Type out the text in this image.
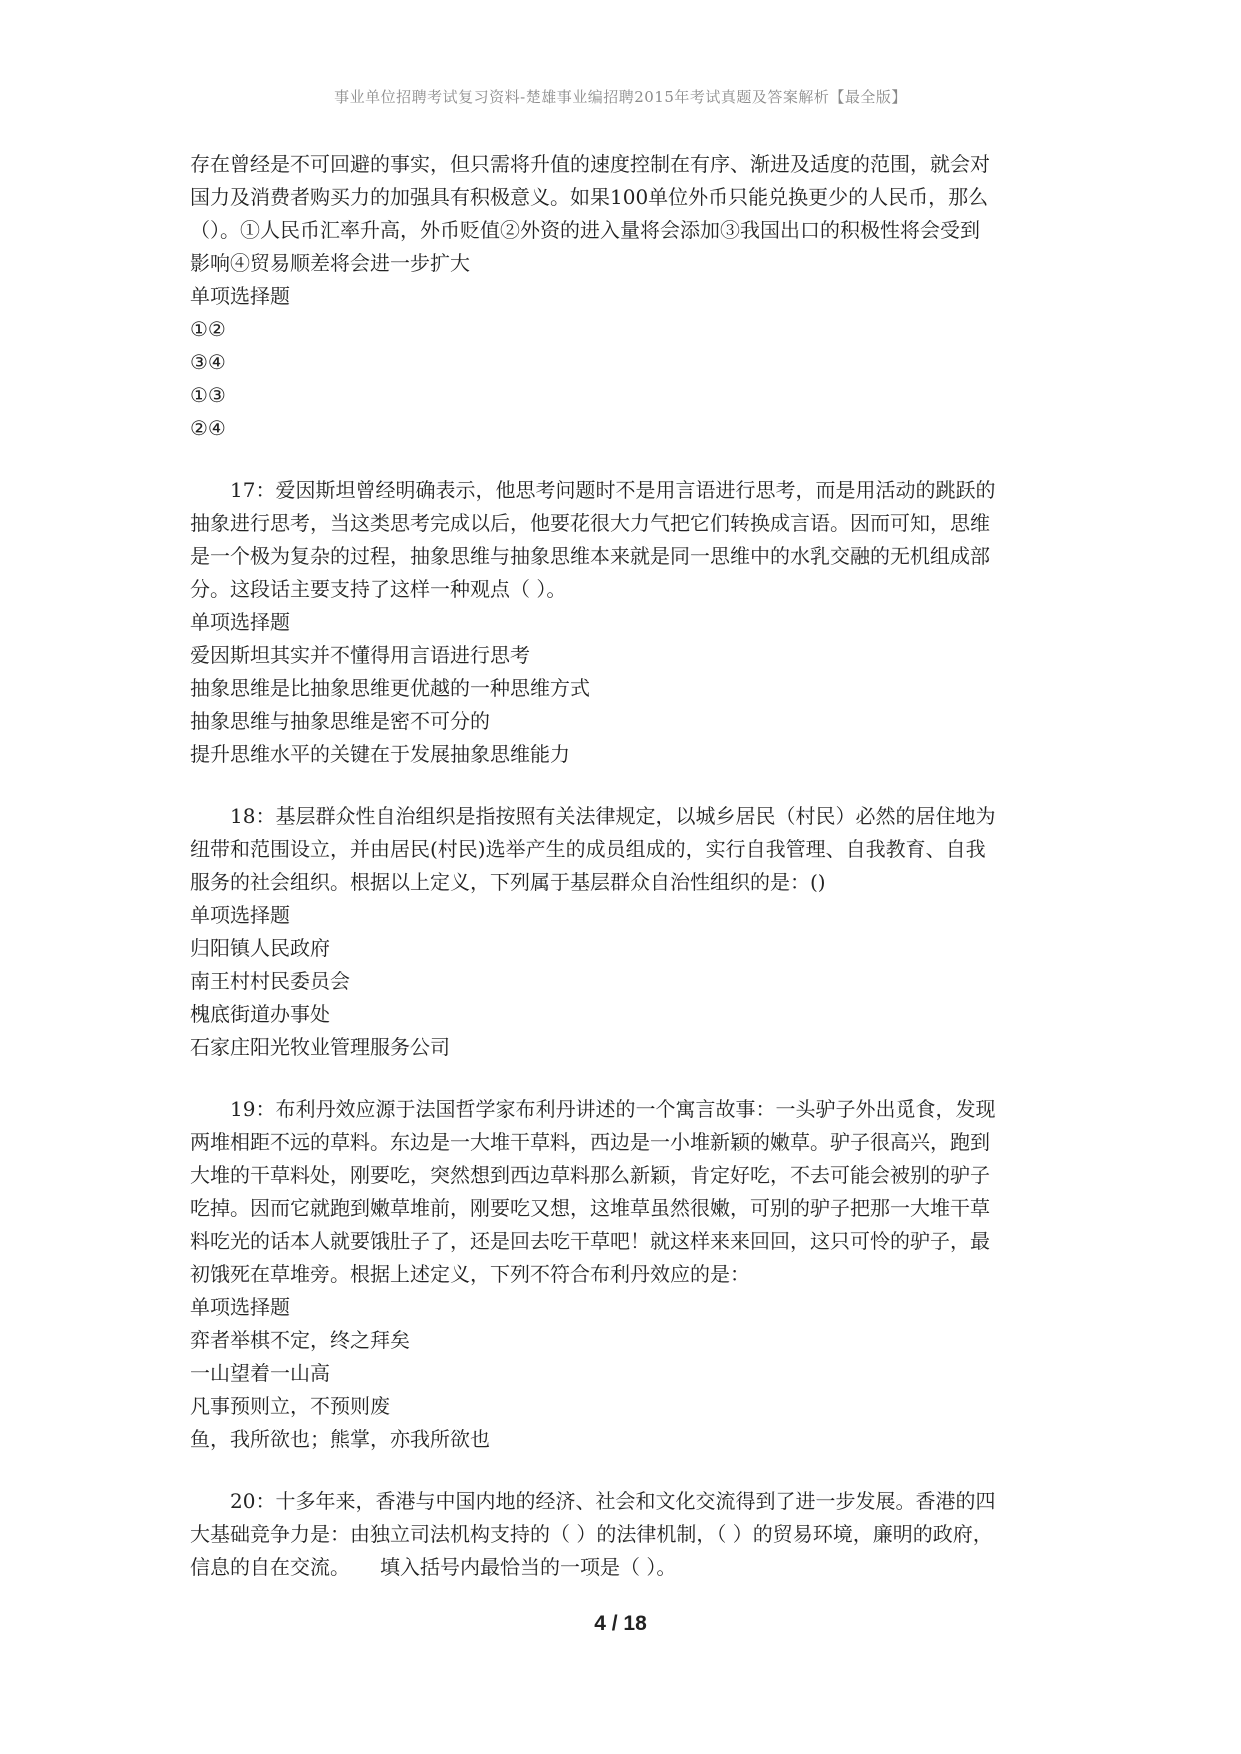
事业单位招聘考试复习资料-楚雄事业编招聘2015年考试真题及答案解析【最全版】
存在曾经是不可回避的事实，但只需将升值的速度控制在有序、渐进及适度的范围，就会对
国力及消费者购买力的加强具有积极意义。如果100单位外币只能兑换更少的人民币，那么
（）。①人民币汇率升高，外币贬值②外资的进入量将会添加③我国出口的积极性将会受到
影响④贸易顺差将会进一步扩大
单项选择题
①②
③④
①③
②④
17：爱因斯坦曾经明确表示，他思考问题时不是用言语进行思考，而是用活动的跳跃的
抽象进行思考，当这类思考完成以后，他要花很大力气把它们转换成言语。因而可知，思维
是一个极为复杂的过程，抽象思维与抽象思维本来就是同一思维中的水乳交融的无机组成部
分。这段话主要支持了这样一种观点（ ）。
单项选择题
爱因斯坦其实并不懂得用言语进行思考
抽象思维是比抽象思维更优越的一种思维方式
抽象思维与抽象思维是密不可分的
提升思维水平的关键在于发展抽象思维能力
18：基层群众性自治组织是指按照有关法律规定，以城乡居民（村民）必然的居住地为
纽带和范围设立，并由居民(村民)选举产生的成员组成的，实行自我管理、自我教育、自我
服务的社会组织。根据以上定义，下列属于基层群众自治性组织的是：()
单项选择题
归阳镇人民政府
南王村村民委员会
槐底街道办事处
石家庄阳光牧业管理服务公司
19：布利丹效应源于法国哲学家布利丹讲述的一个寓言故事：一头驴子外出觅食，发现
两堆相距不远的草料。东边是一大堆干草料，西边是一小堆新颖的嫩草。驴子很高兴，跑到
大堆的干草料处，刚要吃，突然想到西边草料那么新颖，肯定好吃，不去可能会被别的驴子
吃掉。因而它就跑到嫩草堆前，刚要吃又想，这堆草虽然很嫩，可别的驴子把那一大堆干草
料吃光的话本人就要饿肚子了，还是回去吃干草吧！就这样来来回回，这只可怜的驴子，最
初饿死在草堆旁。根据上述定义，下列不符合布利丹效应的是：
单项选择题
弈者举棋不定，终之拜矣
一山望着一山高
凡事预则立，不预则废
鱼，我所欲也；熊掌，亦我所欲也
20：十多年来，香港与中国内地的经济、社会和文化交流得到了进一步发展。香港的四
大基础竞争力是：由独立司法机构支持的（ ）的法律机制，（ ）的贸易环境，廉明的政府，
信息的自在交流。　　填入括号内最恰当的一项是（ ）。
4 / 18
